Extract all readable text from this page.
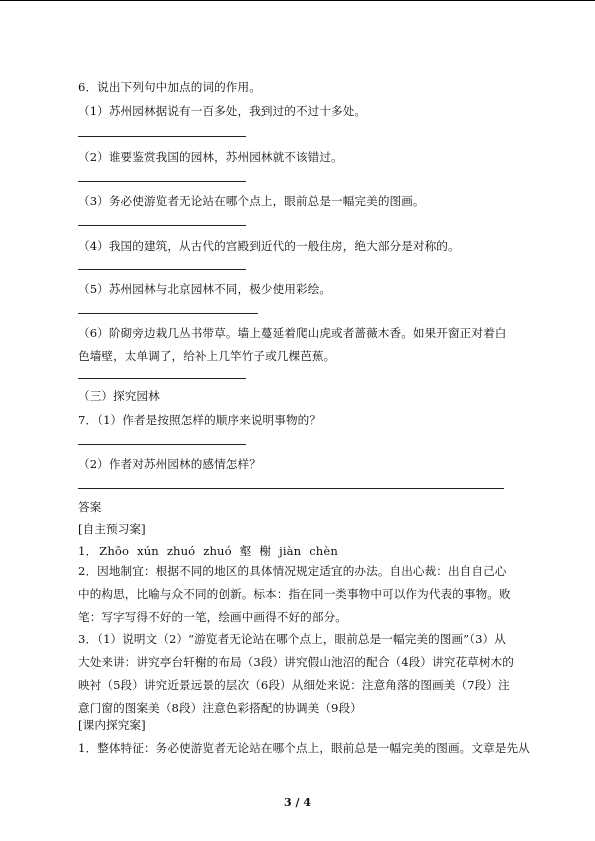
6．说出下列句中加点的词的作用。
（1）苏州园林据说有一百多处，我到过的不过十多处。
（2）谁要鉴赏我国的园林，苏州园林就不该错过。
（3）务必使游览者无论站在哪个点上，眼前总是一幅完美的图画。
（4）我国的建筑，从古代的宫殿到近代的一般住房，绝大部分是对称的。
（5）苏州园林与北京园林不同，极少使用彩绘。
（6）阶砌旁边栽几丛书带草。墙上蔓延着爬山虎或者蔷薇木香。如果开窗正对着白色墙壁，太单调了，给补上几竿竹子或几棵芭蕉。
（三）探究园林
7．（1）作者是按照怎样的顺序来说明事物的？
（2）作者对苏州园林的感情怎样？
答案
[自主预习案]
1． Zhōo xún zhuó zhuó 壑 榭 jiàn chèn
2．因地制宜：根据不同的地区的具体情况规定适宜的办法。自出心裁：出自自己心中的构思，比喻与众不同的创新。标本：指在同一类事物中可以作为代表的事物。败笔：写字写得不好的一笔，绘画中画得不好的部分。
3．（1）说明文（2）“游览者无论站在哪个点上，眼前总是一幅完美的图画”（3）从大处来讲：讲究亭台轩榭的布局（3段）讲究假山池沼的配合（4段）讲究花草树木的映衬（5段）讲究近景远景的层次（6段）从细处来说：注意角落的图画美（7段）注意门窗的图案美（8段）注意色彩搭配的协调美（9段）
[课内探究案]
1．整体特征：务必使游览者无论站在哪个点上，眼前总是一幅完美的图画。文章是先从
3 / 4
